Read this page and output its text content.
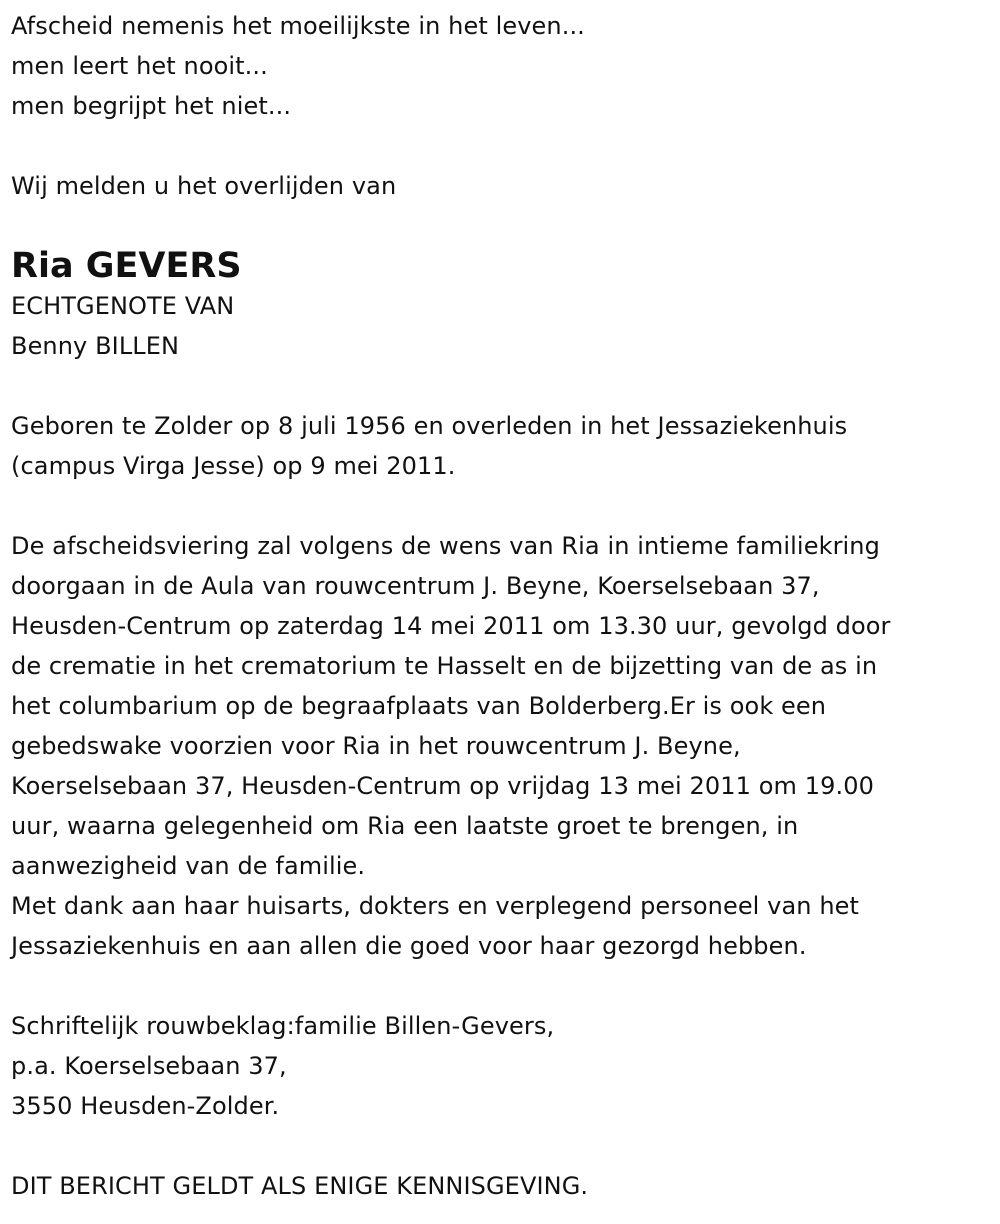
Afscheid nemenis het moeilijkste in het leven...
men leert het nooit...
men begrijpt het niet...
Wij melden u het overlijden van
Ria GEVERS
ECHTGENOTE VAN
Benny BILLEN
Geboren te Zolder op 8 juli 1956 en overleden in het Jessaziekenhuis
(campus Virga Jesse) op 9 mei 2011.
De afscheidsviering zal volgens de wens van Ria in intieme familiekring
doorgaan in de Aula van rouwcentrum J. Beyne, Koerselsebaan 37,
Heusden-Centrum op zaterdag 14 mei 2011 om 13.30 uur, gevolgd door
de crematie in het crematorium te Hasselt en de bijzetting van de as in
het columbarium op de begraafplaats van Bolderberg.Er is ook een
gebedswake voorzien voor Ria in het rouwcentrum J. Beyne,
Koerselsebaan 37, Heusden-Centrum op vrijdag 13 mei 2011 om 19.00
uur, waarna gelegenheid om Ria een laatste groet te brengen, in
aanwezigheid van de familie.
Met dank aan haar huisarts, dokters en verplegend personeel van het
Jessaziekenhuis en aan allen die goed voor haar gezorgd hebben.
Schriftelijk rouwbeklag:familie Billen-Gevers,
p.a. Koerselsebaan 37,
3550 Heusden-Zolder.
DIT BERICHT GELDT ALS ENIGE KENNISGEVING.
